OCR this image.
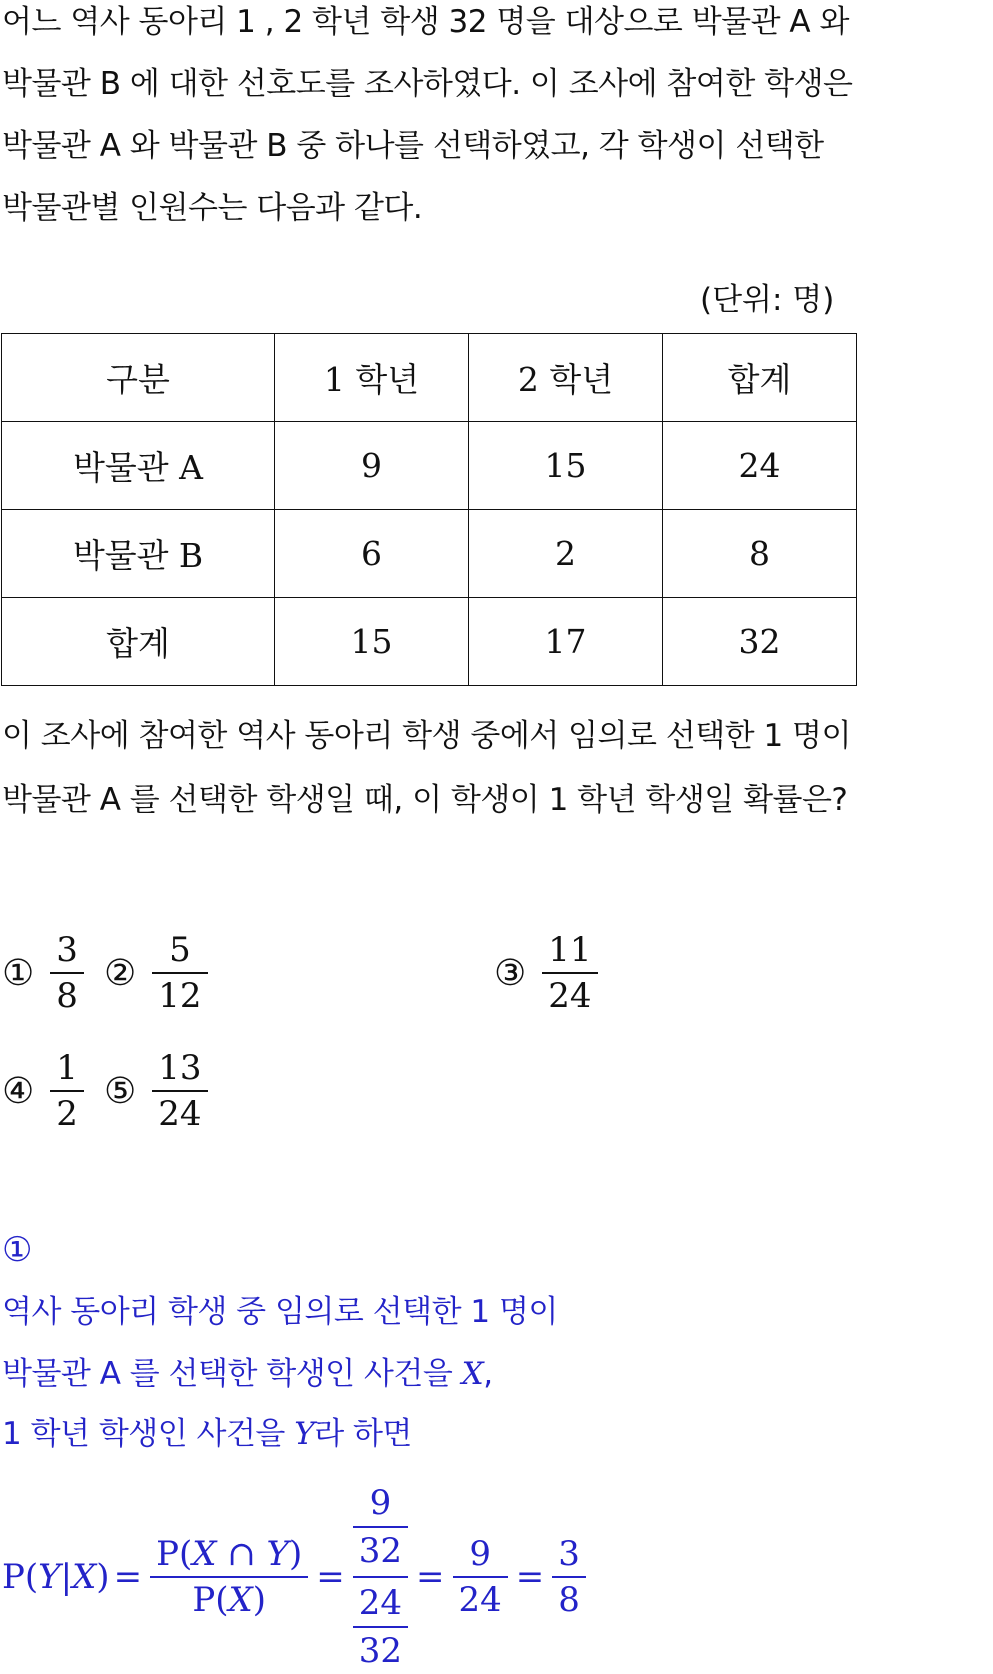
어느 역사 동아리 1 , 2 학년 학생 32 명을 대상으로 박물관 A 와
박물관 B 에 대한 선호도를 조사하였다. 이 조사에 참여한 학생은
박물관 A 와 박물관 B 중 하나를 선택하였고, 각 학생이 선택한
박물관별 인원수는 다음과 같다.
(단위: 명)
구분	1 학년	2 학년	합계
박물관 A	9	15	24
박물관 B	6	2	8
합계	15	17	32
이 조사에 참여한 역사 동아리 학생 중에서 임의로 선택한 1 명이
박물관 A 를 선택한 학생일 때, 이 학생이 1 학년 학생일 확률은?
① $\frac{3}{8}$ ② $\frac{5}{12}$	③ $\frac{11}{24}$
④ $\frac{1}{2}$ ⑤ $\frac{13}{24}$
①
역사 동아리 학생 중 임의로 선택한 1 명이
박물관 A 를 선택한 학생인 사건을 X,
1 학년 학생인 사건을 Y라 하면
$P(Y|X) = \frac{P(X \cap Y)}{P(X)} = \frac{\frac{9}{32}}{\frac{24}{32}} = \frac{9}{24} = \frac{3}{8}$
